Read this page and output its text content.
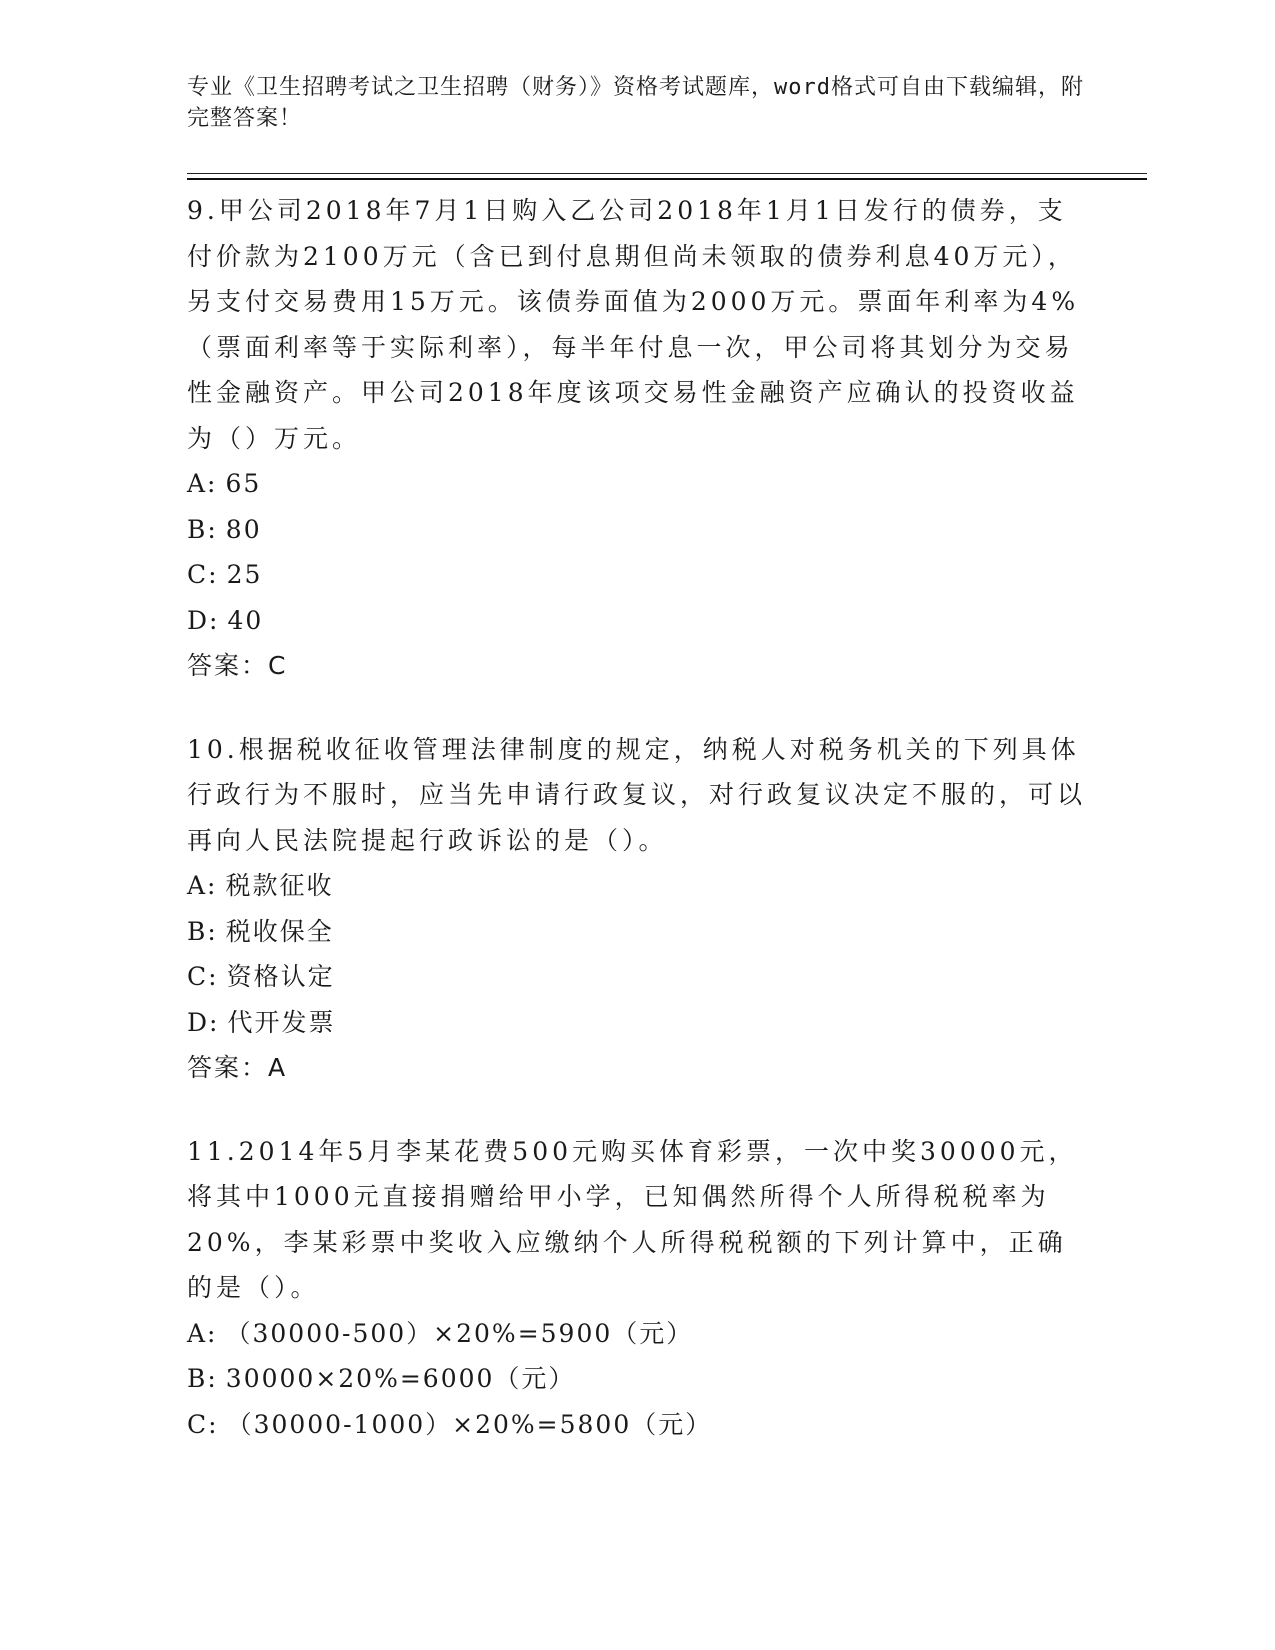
专业《卫生招聘考试之卫生招聘（财务）》资格考试题库，word格式可自由下载编辑，附完整答案！

9.甲公司2018年7月1日购入乙公司2018年1月1日发行的债券，支付价款为2100万元（含已到付息期但尚未领取的债券利息40万元），另支付交易费用15万元。该债券面值为2000万元。票面年利率为4%（票面利率等于实际利率），每半年付息一次，甲公司将其划分为交易性金融资产。甲公司2018年度该项交易性金融资产应确认的投资收益为（）万元。

A: 65

B: 80

C: 25

D: 40

答案：C

10.根据税收征收管理法律制度的规定，纳税人对税务机关的下列具体行政行为不服时，应当先申请行政复议，对行政复议决定不服的，可以再向人民法院提起行政诉讼的是（）。

A: 税款征收

B: 税收保全

C: 资格认定

D: 代开发票

答案：A

11.2014年5月李某花费500元购买体育彩票，一次中奖30000元，将其中1000元直接捐赠给甲小学，已知偶然所得个人所得税税率为20%，李某彩票中奖收入应缴纳个人所得税税额的下列计算中，正确的是（）。

A: （30000-500）×20%=5900（元）

B: 30000×20%=6000（元）

C: （30000-1000）×20%=5800（元）
